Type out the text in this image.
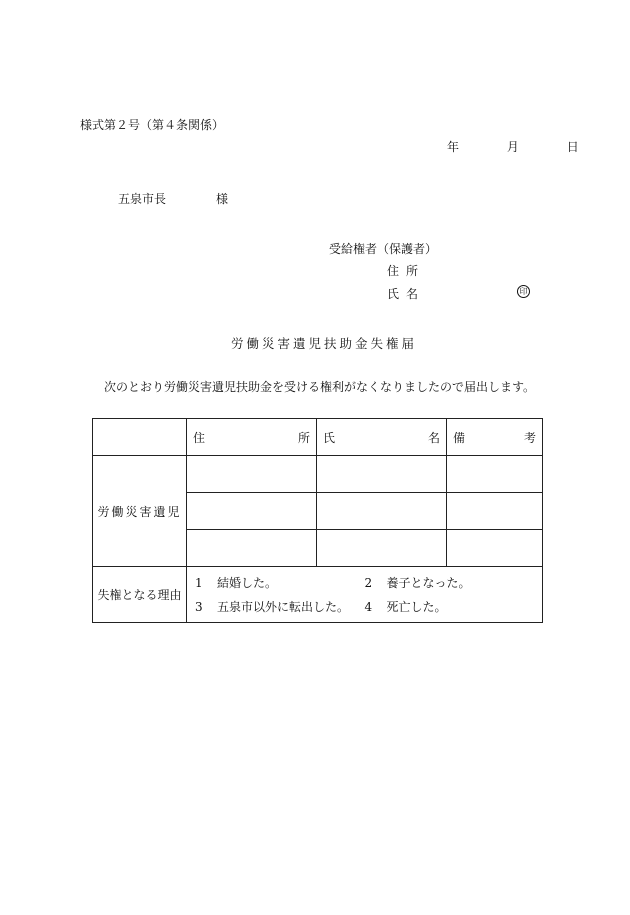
様式第２号（第４条関係）
年	月	日
五泉市長	様
受給権者（保護者）
住所
氏名	印
労働災害遺児扶助金失権届
次のとおり労働災害遺児扶助金を受ける権利がなくなりましたので届出します。

	住 所	氏 名	備 考

労働災害遺児			

失権となる理由	1 結婚した。 2 養子となった。
3 五泉市以外に転出した。 4 死亡した。		
